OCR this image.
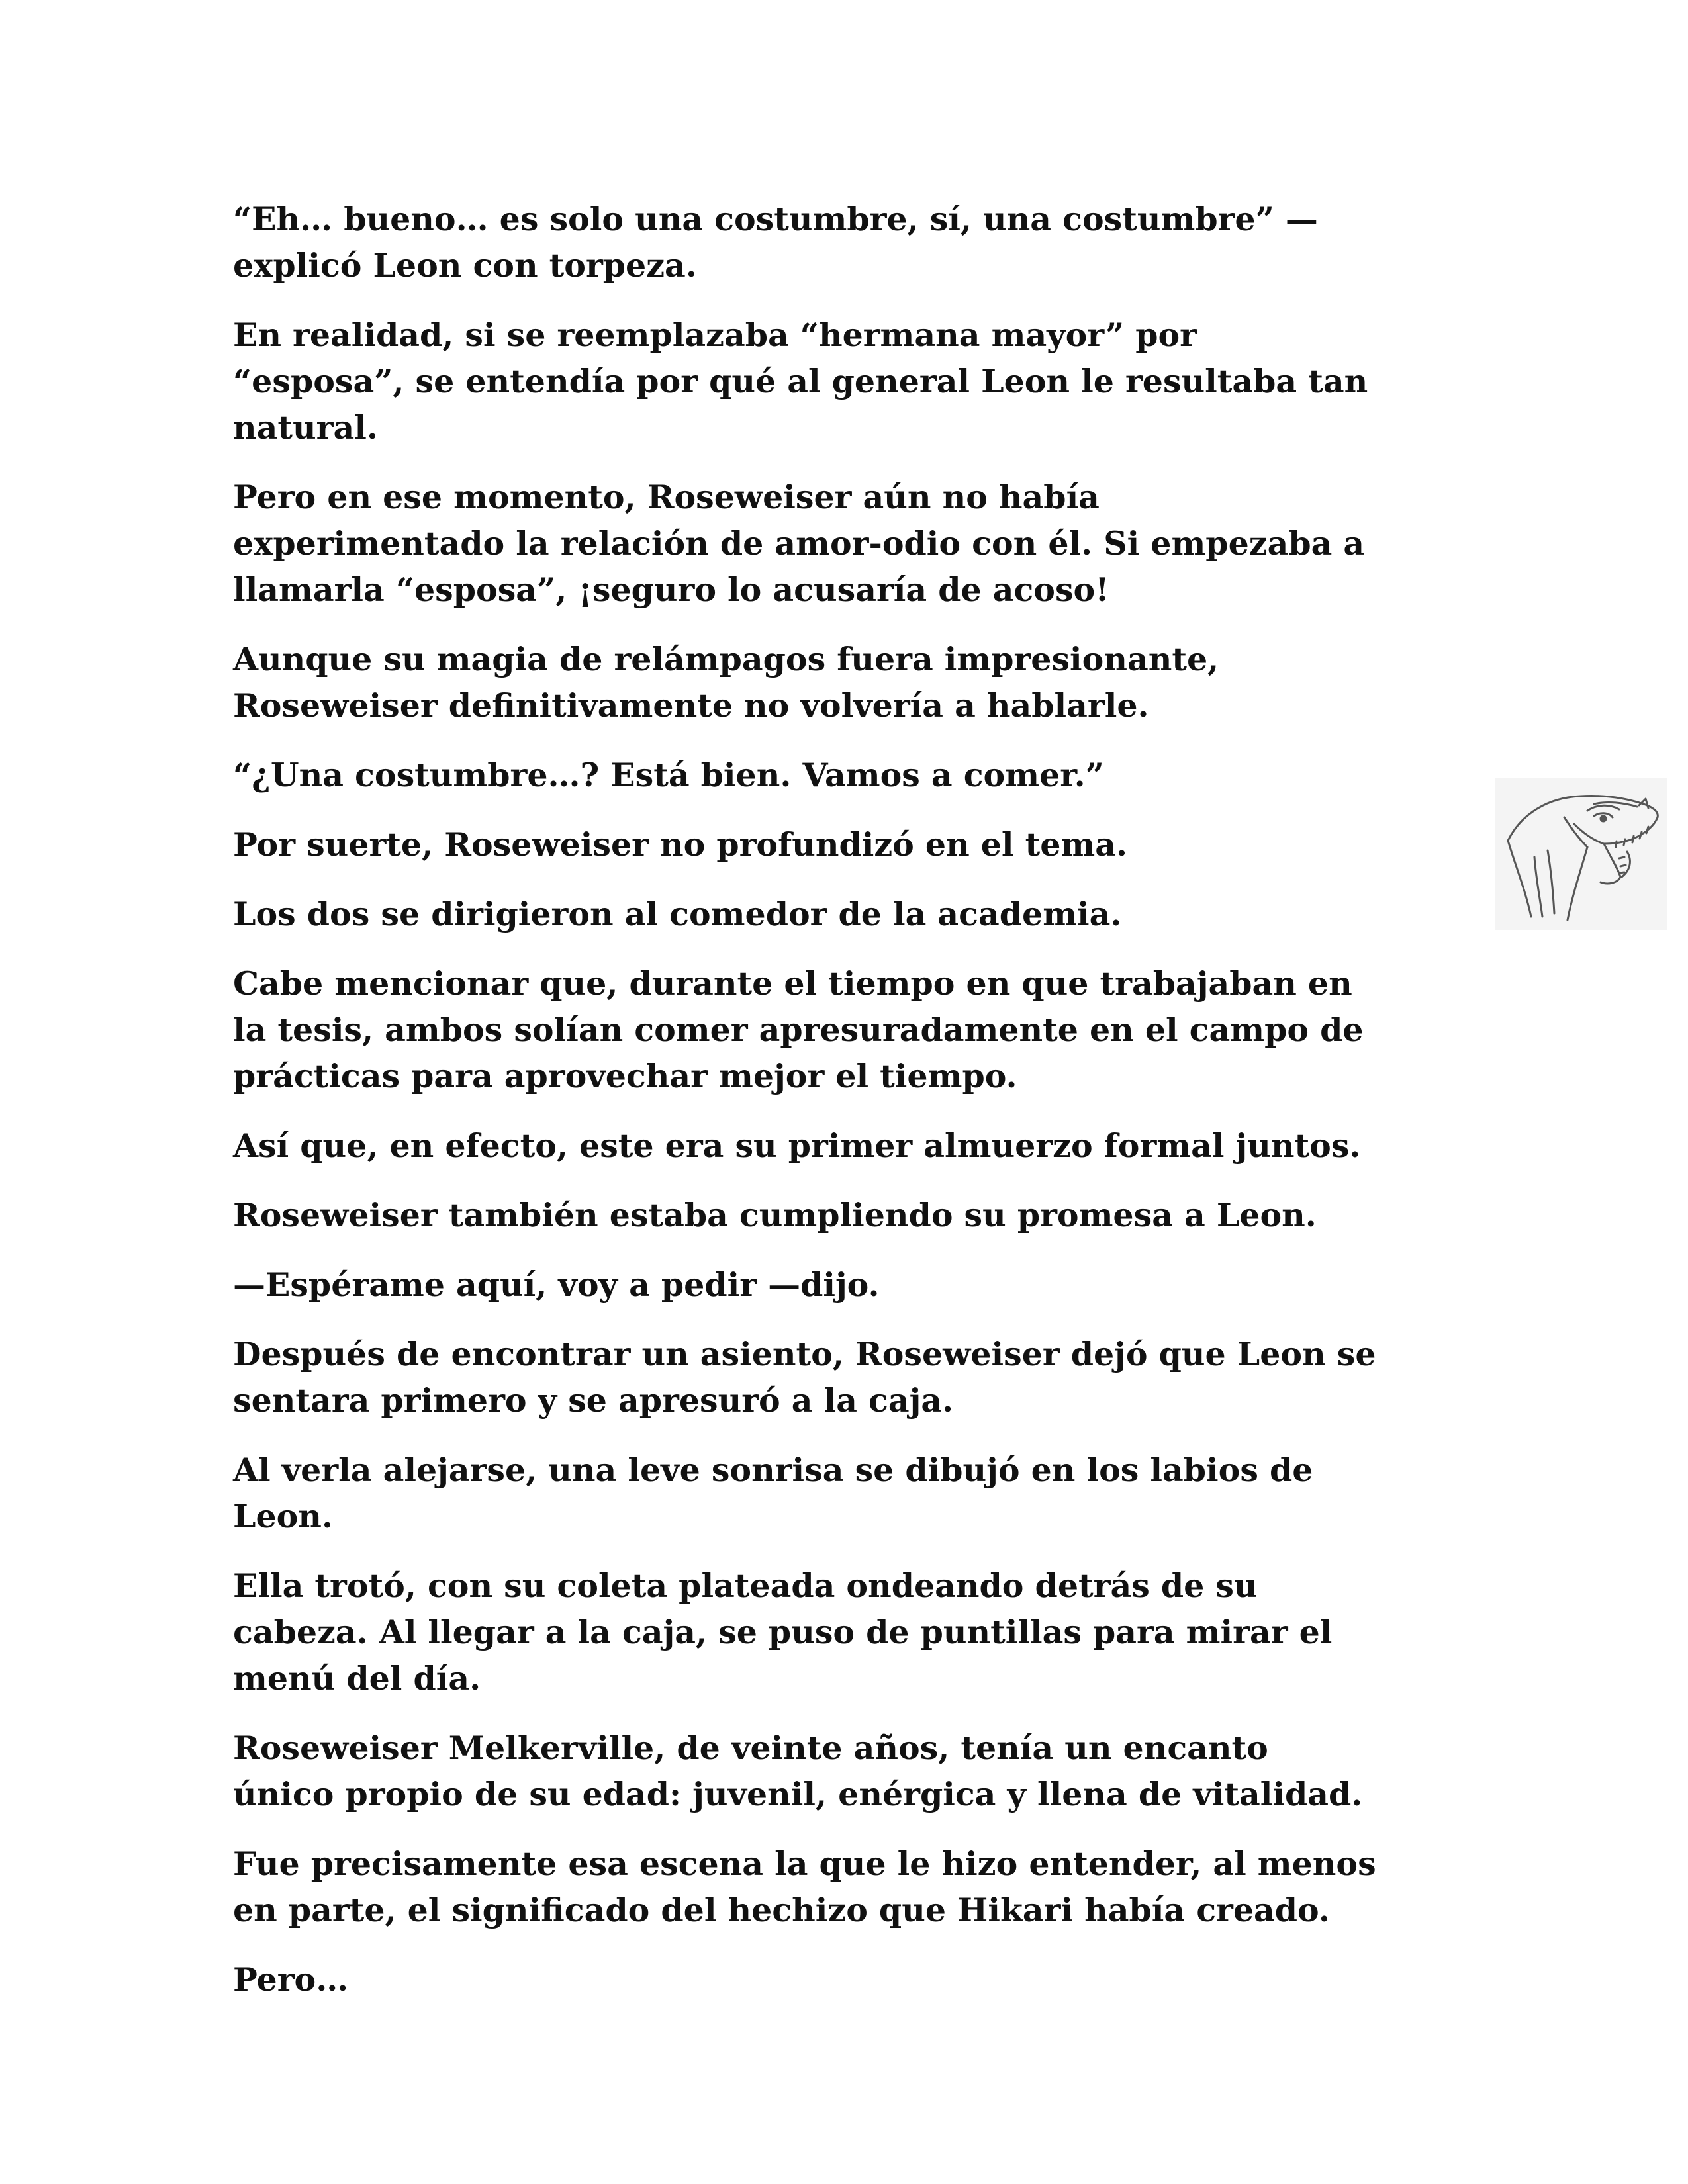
“Eh… bueno… es solo una costumbre, sí, una costumbre” —
explicó Leon con torpeza.

En realidad, si se reemplazaba “hermana mayor” por
“esposa”, se entendía por qué al general Leon le resultaba tan
natural.

Pero en ese momento, Roseweiser aún no había
experimentado la relación de amor-odio con él. Si empezaba a
llamarla “esposa”, ¡seguro lo acusaría de acoso!

Aunque su magia de relámpagos fuera impresionante,
Roseweiser definitivamente no volvería a hablarle.

“¿Una costumbre…? Está bien. Vamos a comer.”

Por suerte, Roseweiser no profundizó en el tema.

Los dos se dirigieron al comedor de la academia.

Cabe mencionar que, durante el tiempo en que trabajaban en
la tesis, ambos solían comer apresuradamente en el campo de
prácticas para aprovechar mejor el tiempo.

Así que, en efecto, este era su primer almuerzo formal juntos.

Roseweiser también estaba cumpliendo su promesa a Leon.

—Espérame aquí, voy a pedir —dijo.

Después de encontrar un asiento, Roseweiser dejó que Leon se
sentara primero y se apresuró a la caja.

Al verla alejarse, una leve sonrisa se dibujó en los labios de
Leon.

Ella trotó, con su coleta plateada ondeando detrás de su
cabeza. Al llegar a la caja, se puso de puntillas para mirar el
menú del día.

Roseweiser Melkerville, de veinte años, tenía un encanto
único propio de su edad: juvenil, enérgica y llena de vitalidad.

Fue precisamente esa escena la que le hizo entender, al menos
en parte, el significado del hechizo que Hikari había creado.

Pero…
